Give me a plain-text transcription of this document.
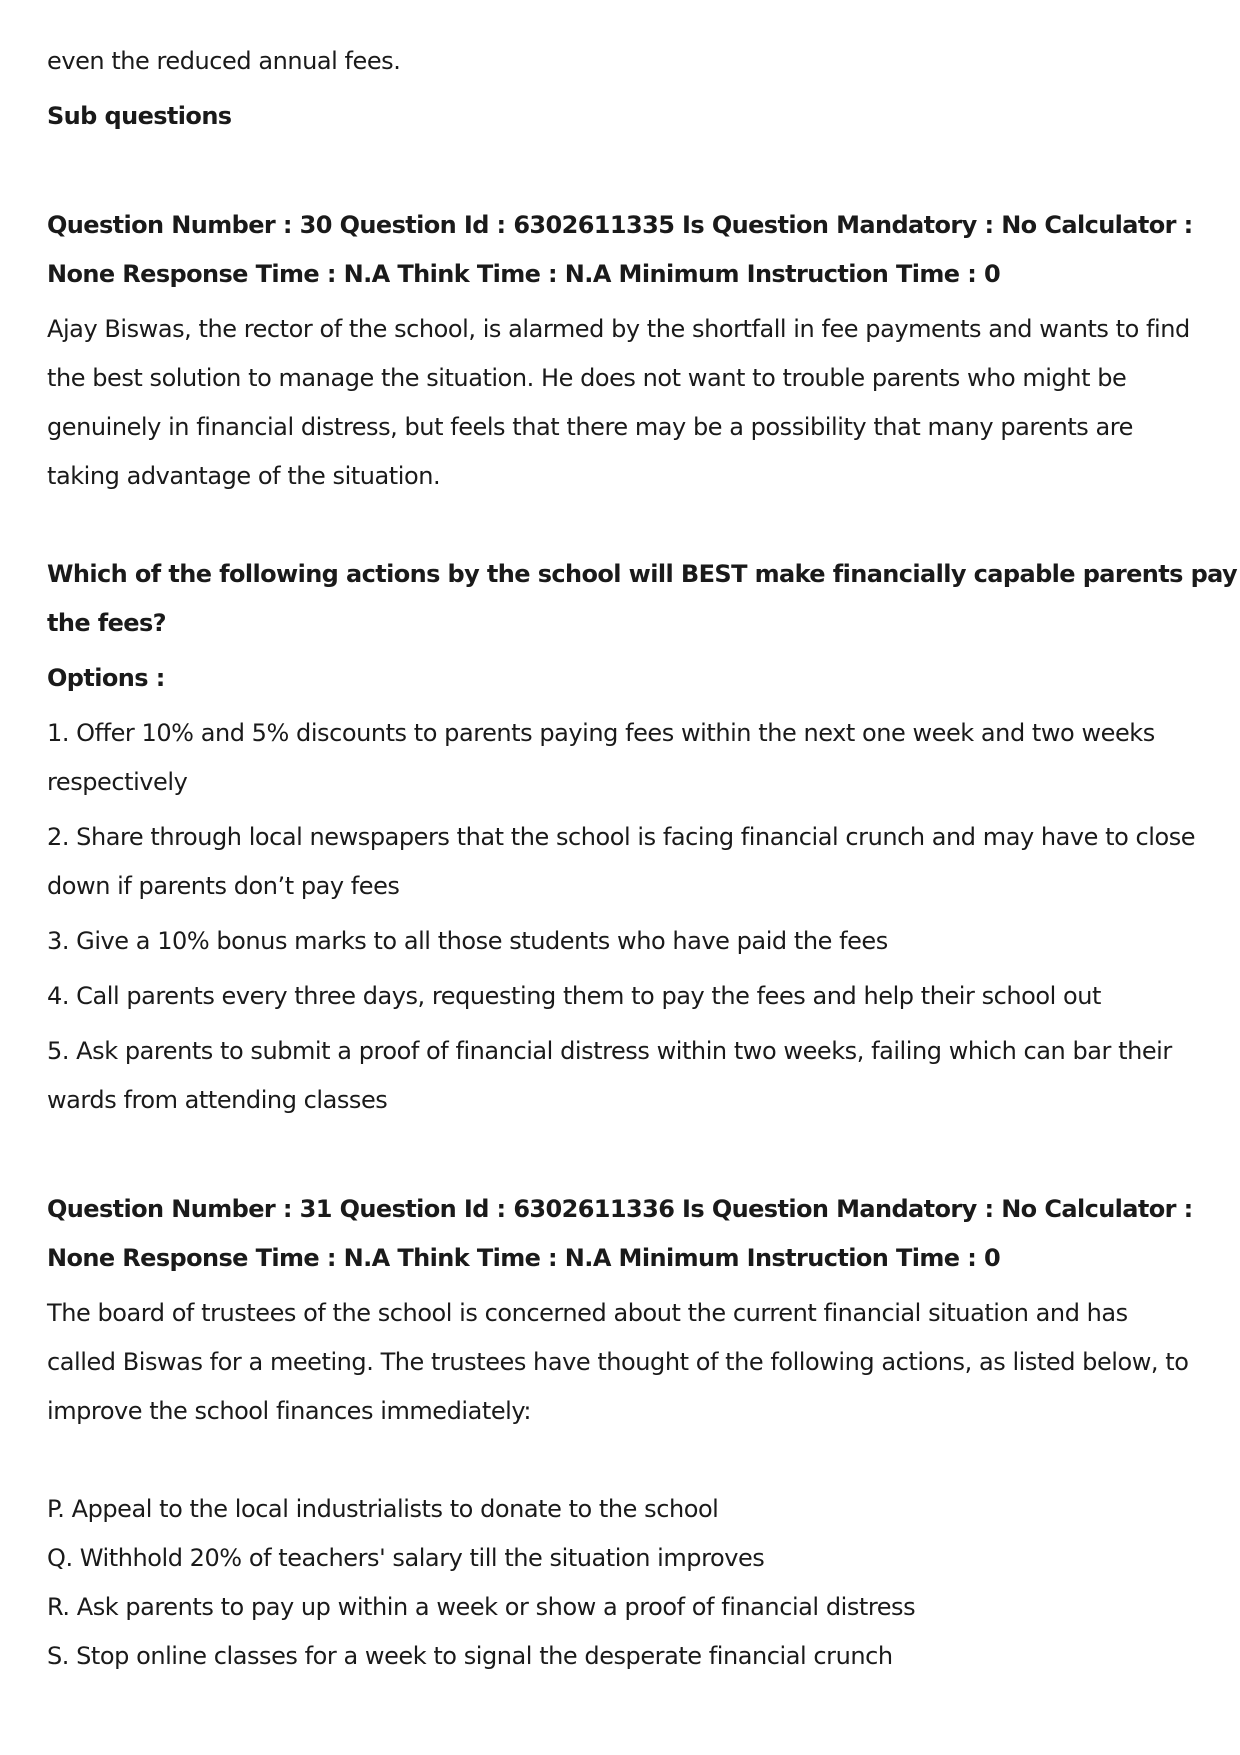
even the reduced annual fees.
Sub questions
Question Number : 30 Question Id : 6302611335 Is Question Mandatory : No Calculator :
None Response Time : N.A Think Time : N.A Minimum Instruction Time : 0
Ajay Biswas, the rector of the school, is alarmed by the shortfall in fee payments and wants to find
the best solution to manage the situation. He does not want to trouble parents who might be
genuinely in financial distress, but feels that there may be a possibility that many parents are
taking advantage of the situation.
Which of the following actions by the school will BEST make financially capable parents pay
the fees?
Options :
1. Offer 10% and 5% discounts to parents paying fees within the next one week and two weeks
respectively
2. Share through local newspapers that the school is facing financial crunch and may have to close
down if parents don’t pay fees
3. Give a 10% bonus marks to all those students who have paid the fees
4. Call parents every three days, requesting them to pay the fees and help their school out
5. Ask parents to submit a proof of financial distress within two weeks, failing which can bar their
wards from attending classes
Question Number : 31 Question Id : 6302611336 Is Question Mandatory : No Calculator :
None Response Time : N.A Think Time : N.A Minimum Instruction Time : 0
The board of trustees of the school is concerned about the current financial situation and has
called Biswas for a meeting. The trustees have thought of the following actions, as listed below, to
improve the school finances immediately:
P. Appeal to the local industrialists to donate to the school
Q. Withhold 20% of teachers' salary till the situation improves
R. Ask parents to pay up within a week or show a proof of financial distress
S. Stop online classes for a week to signal the desperate financial crunch
